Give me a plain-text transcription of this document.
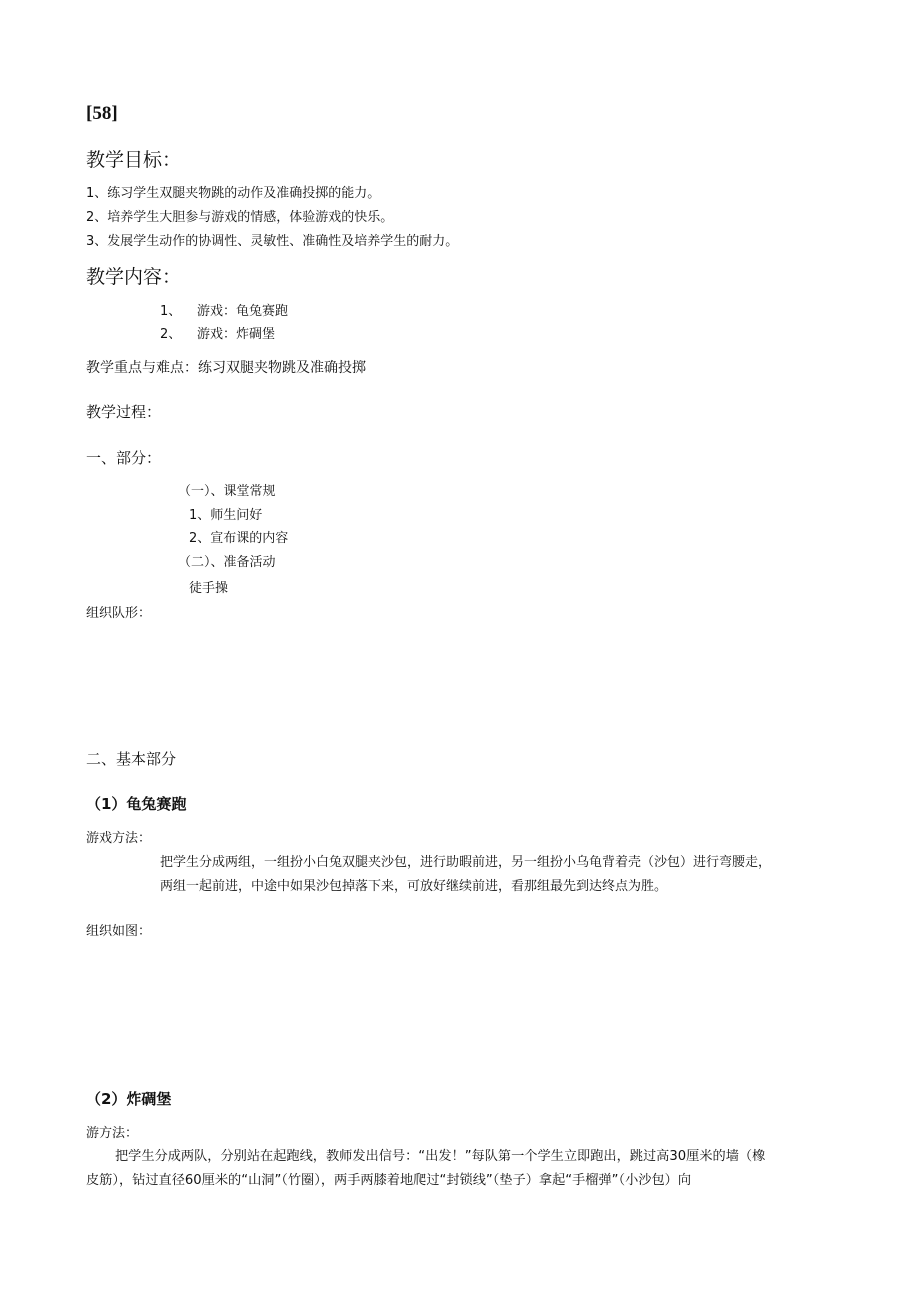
[58]
教学目标：
1、练习学生双腿夹物跳的动作及准确投掷的能力。
2、培养学生大胆参与游戏的情感，体验游戏的快乐。
3、发展学生动作的协调性、灵敏性、准确性及培养学生的耐力。
教学内容：
1、 游戏：龟兔赛跑
2、 游戏：炸碉堡
教学重点与难点：练习双腿夹物跳及准确投掷
教学过程：
一、部分：
（一）、课堂常规
1、师生问好
2、宣布课的内容
（二）、准备活动
徒手操
组织队形：
二、基本部分
（1）龟兔赛跑
游戏方法：
把学生分成两组，一组扮小白兔双腿夹沙包，进行助暇前进，另一组扮小乌龟背着壳（沙包）进行弯腰走，
两组一起前进，中途中如果沙包掉落下来，可放好继续前进，看那组最先到达终点为胜。
组织如图：
（2）炸碉堡
游方法：
把学生分成两队，分别站在起跑线，教师发出信号：“出发！”每队第一个学生立即跑出，跳过高30厘米的墙（橡
皮筋），钻过直径60厘米的“山洞”（竹圈），两手两膝着地爬过“封锁线”（垫子）拿起“手榴弹”（小沙包）向
